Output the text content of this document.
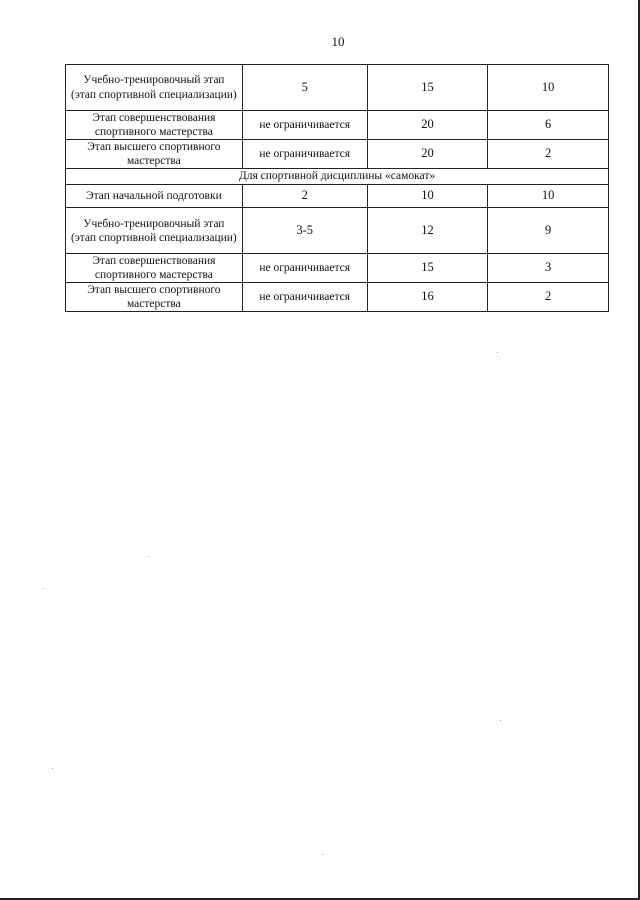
10
Учебно-тренировочный этап (этап спортивной специализации)	5	15	10
Этап совершенствования спортивного мастерства	не ограничивается	20	6
Этап высшего спортивного мастерства	не ограничивается	20	2
Для спортивной дисциплины «самокат»			
Этап начальной подготовки	2	10	10
Учебно-тренировочный этап (этап спортивной специализации)	3-5	12	9
Этап совершенствования спортивного мастерства	не ограничивается	15	3
Этап высшего спортивного мастерства	не ограничивается	16	2
